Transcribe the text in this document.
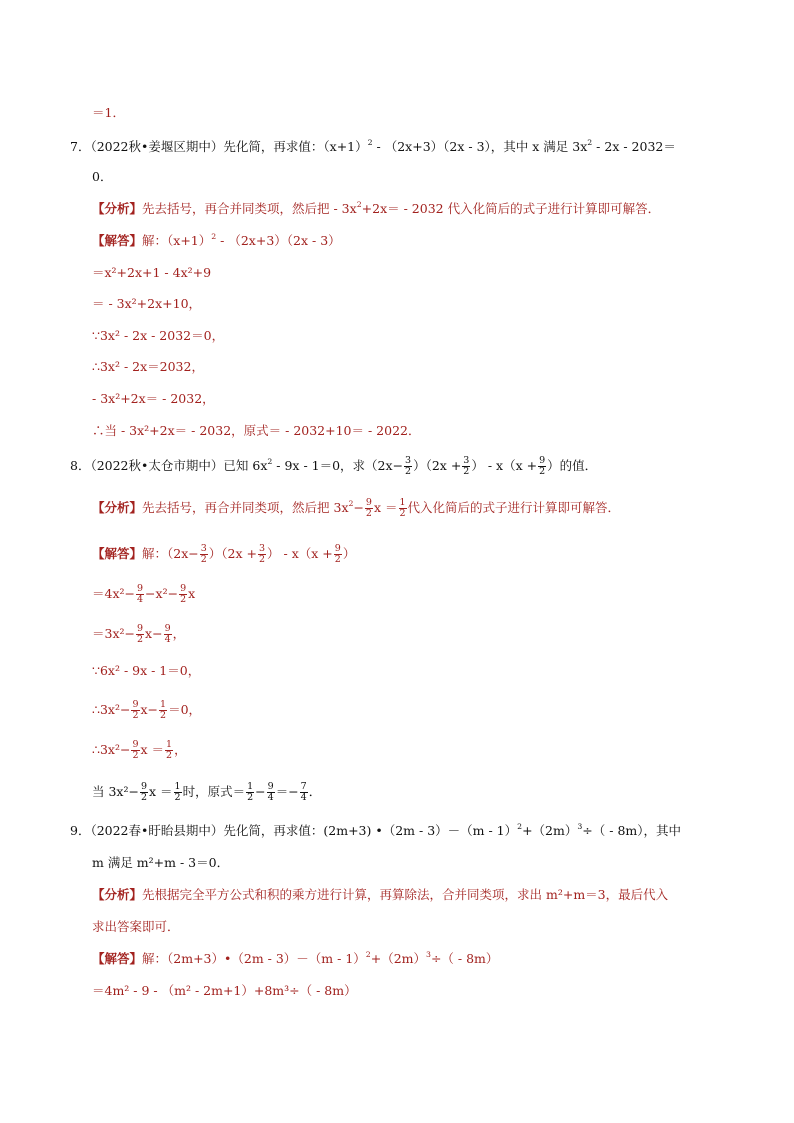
＝1．
7．（2022秋•姜堰区期中）先化简，再求值：$(x+1)^2 - (2x+3)(2x - 3)$，其中 x 满足 $3x^2 - 2x - 2032=$
0．
【分析】先去括号，再合并同类项，然后把 - $3x^2+2x= - 2032$ 代入化简后的式子进行计算即可解答．
【解答】解：$(x+1)^2 - (2x+3)(2x - 3)$
＝x²+2x+1 - 4x²+9
＝ - 3x²+2x+10，
∵3x² - 2x - 2032＝0，
∴3x² - 2x＝2032，
- 3x²+2x＝ - 2032，
∴当 - 3x²+2x＝ - 2032，原式＝ - 2032+10＝ - 2022．
8．（2022秋•太仓市期中）已知 $6x^2 - 9x - 1=0$，求$(2x- \frac{3}{2} )(2x + \frac{3}{2}$ ） - $x(x + \frac{9}{2}$ ）的值．
【分析】先去括号，再合并同类项，然后把 $3x^2- \frac{9}{2}$ $x = \frac{1}{2}$ 代入化简后的式子进行计算即可解答．
【解答】解：$(2x- \frac{3}{2} )(2x + \frac{3}{2}$ ） - $x(x + \frac{9}{2}$ ）
$=4x^2- \frac{9}{4} -x^2- \frac{9}{2}$ x
$=3x^2- \frac{9}{2} x- \frac{9}{4}$ ，
∵6x² - 9x - 1＝0，
∴3x²− $\frac{9}{2} x- \frac{1}{2} =0$，
∴3x²− $\frac{9}{2}$ $x = \frac{1}{2}$ ，
当 $3x^2- \frac{9}{2}$ $x = \frac{1}{2}$ 时，原式＝ $\frac{1}{2} - \frac{9}{4} =- \frac{7}{4}$ ．
9．（2022春•盱眙县期中）先化简，再求值：(2m+3) •（2m - $3)-(m - 1)^2+(2m)^3\div( - 8m)$，其中
m 满足 m²+m - 3＝0．
【分析】先根据完全平方公式和积的乘方进行计算，再算除法，合并同类项，求出 m²+m＝3，最后代入
求出答案即可．
【解答】解：（2m+3）•（2m - $3)-(m - 1)^2+(2m)^3\div( - 8m)$
＝4m² - 9 - （m² - 2m+1）+8m³÷（ - 8m）
